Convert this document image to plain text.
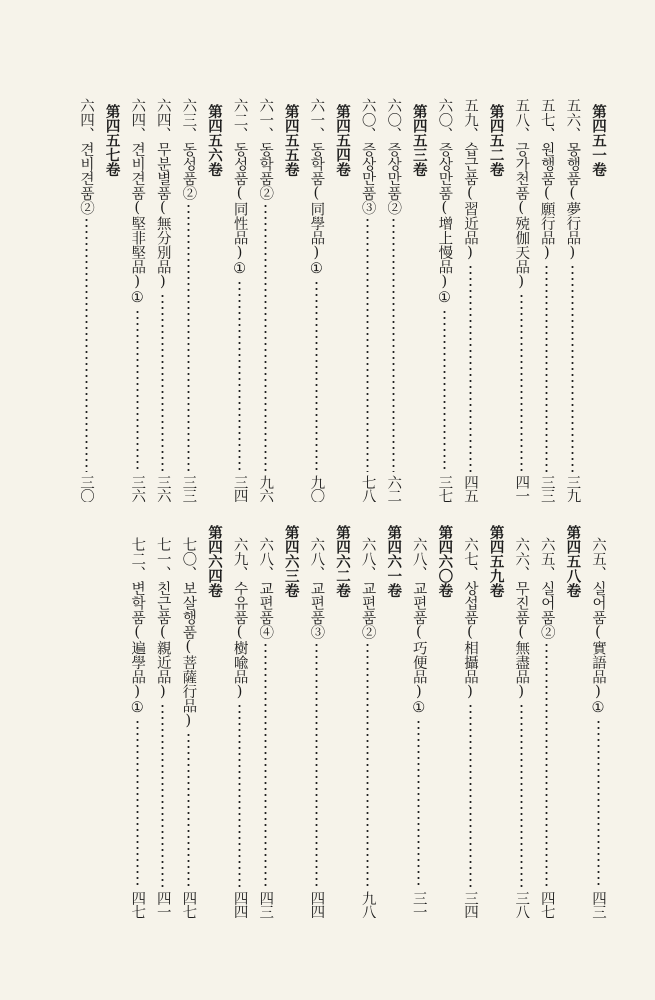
第四五一卷
五六
、
몽행품(夢行品)
三九
五七
、
원행품(願行品)
三三
五八
、
긍가천품(殑伽天品)
四一
第四五二卷
五九
、
습근품(習近品)
四五
六〇
、
증상만품(增上慢品)①
三七
第四五三卷
六〇
、
증상만품②
六二
六〇
、
증상만품③
七八
第四五四卷
六一
、
동학품(同學品)①
九〇
第四五五卷
六一
、
동학품②
九六
六二
、
동성품(同性品)①
三四
第四五六卷
六三
、
동성품②
三三
六四
、
무분별품(無分別品)
三六
六四
、
견비견품(堅非堅品)①
三六
第四五七卷
六四
、
견비견품②
三〇
六五
、
실어품(實語品)①
四三
第四五八卷
六五
、
실어품②
四七
六六
、
무진품(無盡品)
三八
第四五九卷
六七
、
상섭품(相攝品)
三四
第四六〇卷
六八
、
교편품(巧便品)①
三一
第四六一卷
六八
、
교편품②
九八
第四六二卷
六八
、
교편품③
四四
第四六三卷
六八
、
교편품④
四三
六九
、
수유품(樹喩品)
四四
第四六四卷
七〇
、
보살행품(菩薩行品)
四七
七一
、
친근품(親近品)
四一
七二
、
변학품(遍學品)①
四七
